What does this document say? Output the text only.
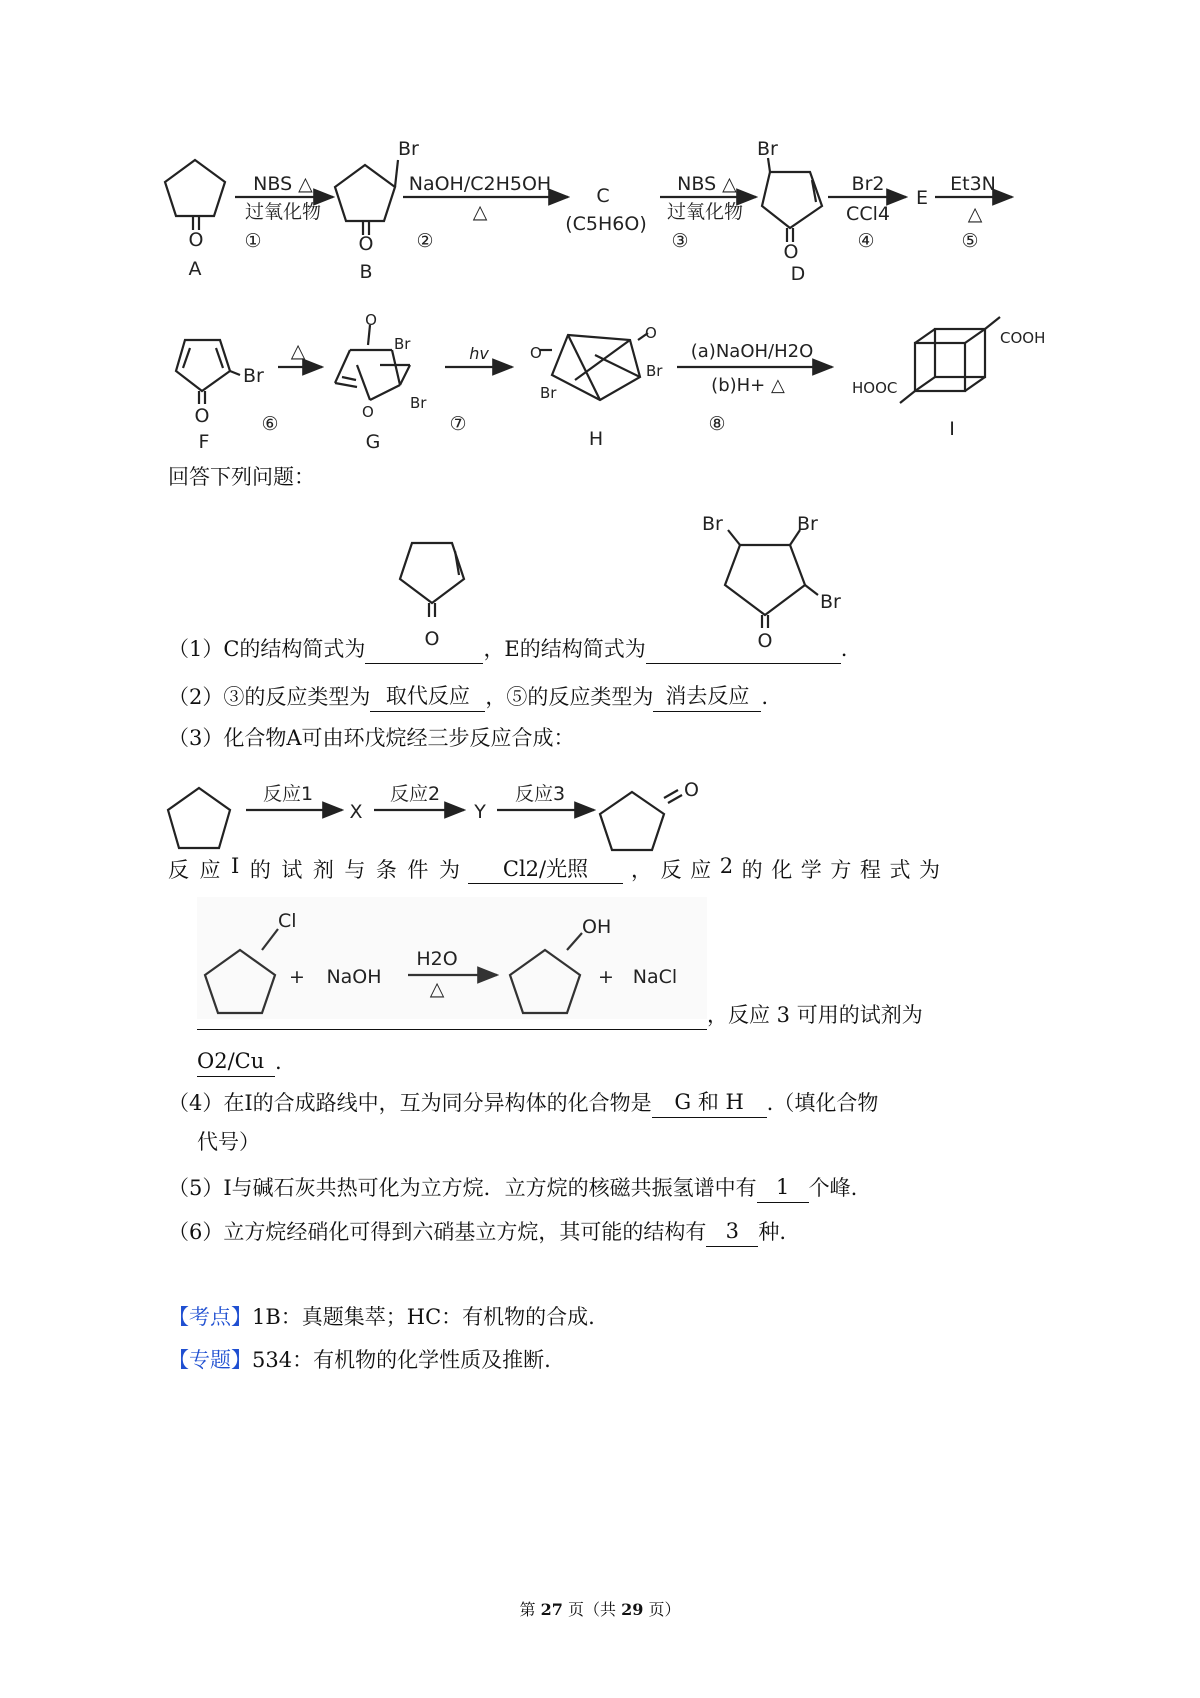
O
A
NBS △
过氧化物
①
Br
O
B
NaOH/C2H5OH
△
②
C
(C5H6O)
NBS △
过氧化物
③
Br
O
D
Br2
CCl4
④
E
Et3N
△
⑤
Br
O
F
△
⑥
O
Br
O Br
G
hv
⑦
O
O
Br
Br
H
(a)NaOH/H2O
(b)H+ △
⑧
COOH
HOOC
I
回答下列问题：
O
Br	Br
Br
O
（1）C的结构简式为	，E的结构简式为	.
（2）③的反应类型为 取代反应 ，⑤的反应类型为 消去反应 .
（3）化合物A可由环戊烷经三步反应合成：
反应1
X
反应2
Y
反应3	O
反 应 I 的 试 剂 与 条 件 为	Cl2/光照	， 反 应 2 的 化 学 方 程 式 为
Cl
+ NaOH
H2O
△
OH
+ NaCl
，反应 3 可用的试剂为
O2/Cu .
（4）在I的合成路线中，互为同分异构体的化合物是 G 和 H .（填化合物
代号）
（5）I与碱石灰共热可化为立方烷．立方烷的核磁共振氢谱中有 1 个峰.
（6）立方烷经硝化可得到六硝基立方烷，其可能的结构有 3 种.
【考点】1B：真题集萃；HC：有机物的合成.
【专题】534：有机物的化学性质及推断.
第 27 页（共 29 页）
